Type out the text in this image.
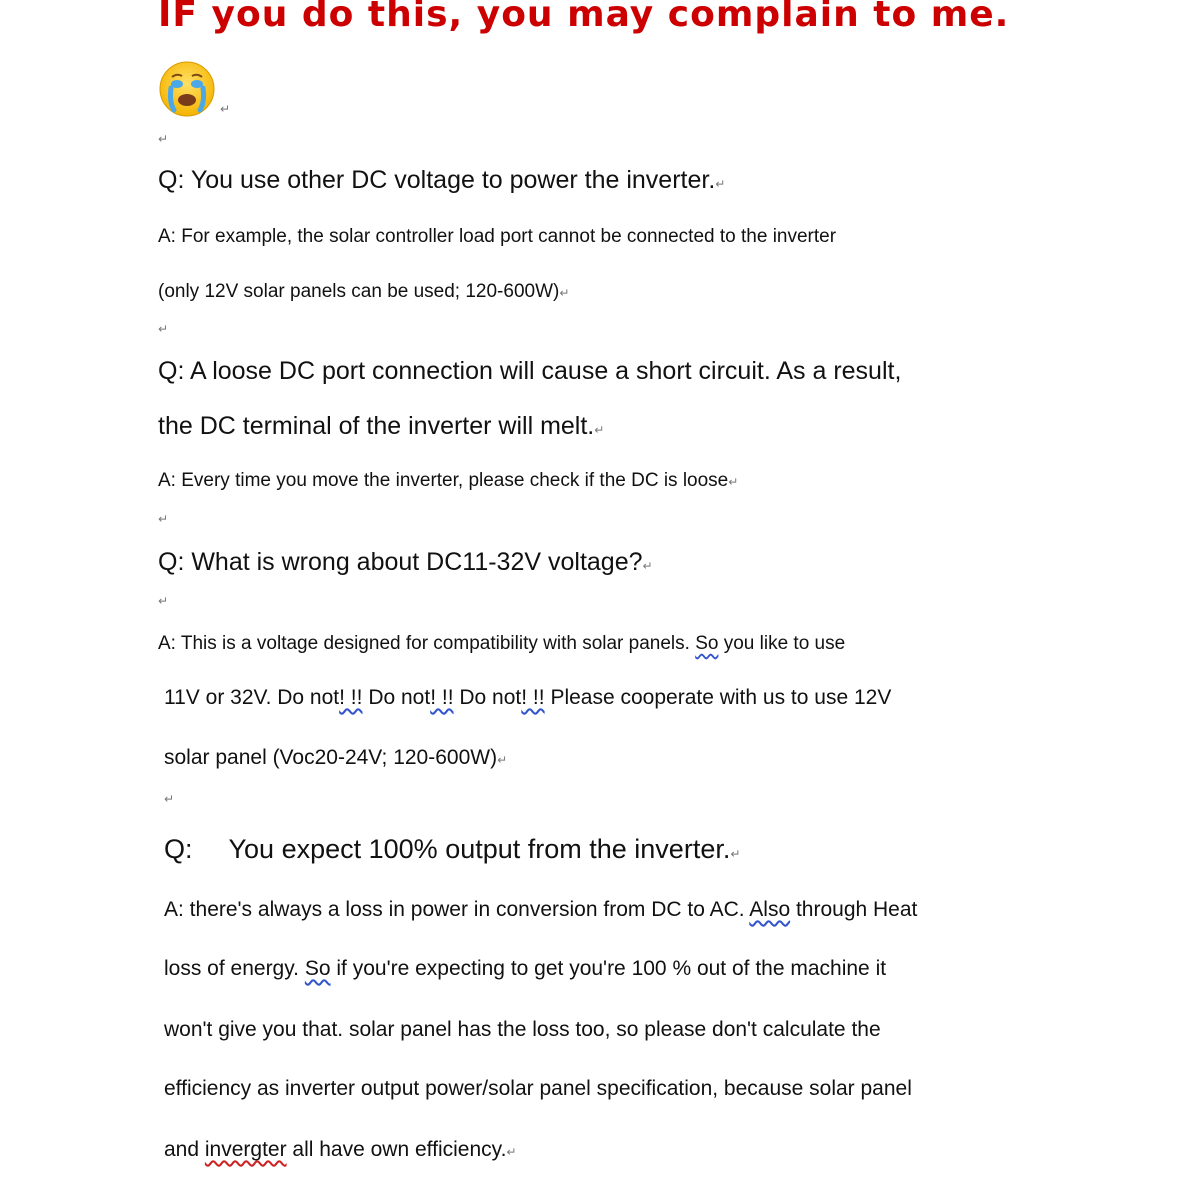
IF you do this, you may complain to me.
↵
↵
Q: You use other DC voltage to power the inverter.↵
A: For example, the solar controller load port cannot be connected to the inverter
(only 12V solar panels can be used; 120-600W)↵
↵
Q: A loose DC port connection will cause a short circuit. As a result,
the DC terminal of the inverter will melt.↵
A: Every time you move the inverter, please check if the DC is loose↵
↵
Q: What is wrong about DC11-32V voltage?↵
↵
A: This is a voltage designed for compatibility with solar panels. So you like to use
11V or 32V. Do not! !! Do not! !! Do not! !! Please cooperate with us to use 12V
solar panel (Voc20-24V; 120-600W)↵
↵
Q: You expect 100% output from the inverter.↵
A: there's always a loss in power in conversion from DC to AC. Also through Heat
loss of energy. So if you're expecting to get you're 100 % out of the machine it
won't give you that. solar panel has the loss too, so please don't calculate the
efficiency as inverter output power/solar panel specification, because solar panel
and invergter all have own efficiency.↵
